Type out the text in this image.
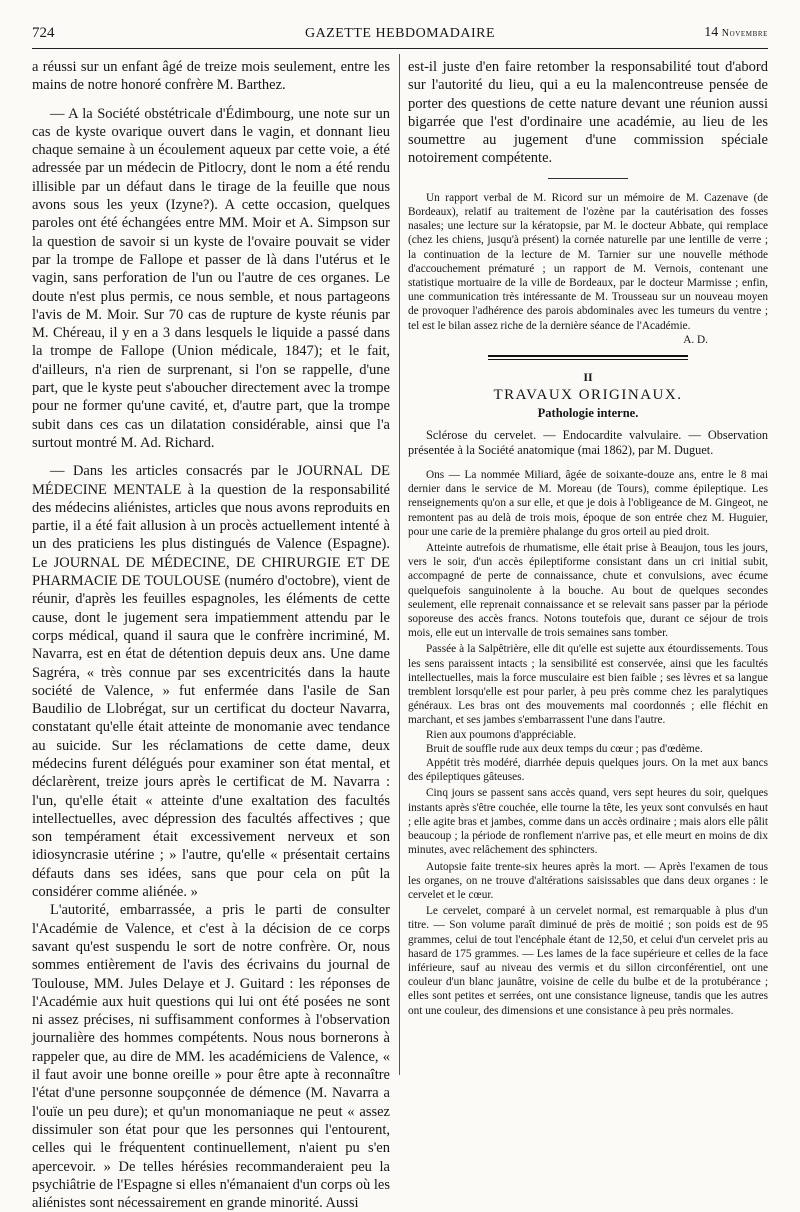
724	GAZETTE HEBDOMADAIRE	14 Novembre

a réussi sur un enfant âgé de treize mois seulement, entre les mains de notre honoré confrère M. Barthez.

— A la Société obstétricale d'Édimbourg, une note sur un cas de kyste ovarique ouvert dans le vagin, et donnant lieu chaque semaine à un écoulement aqueux par cette voie, a été adressée par un médecin de Pitlocry, dont le nom a été rendu illisible par un défaut dans le tirage de la feuille que nous avons sous les yeux (Izyne?). A cette occasion, quelques paroles ont été échangées entre MM. Moir et A. Simpson sur la question de savoir si un kyste de l'ovaire pouvait se vider par la trompe de Fallope et passer de là dans l'utérus et le vagin, sans perforation de l'un ou l'autre de ces organes. Le doute n'est plus permis, ce nous semble, et nous partageons l'avis de M. Moir. Sur 70 cas de rupture de kyste réunis par M. Chéreau, il y en a 3 dans lesquels le liquide a passé dans la trompe de Fallope (Union médicale, 1847); et le fait, d'ailleurs, n'a rien de surprenant, si l'on se rappelle, d'une part, que le kyste peut s'aboucher directement avec la trompe pour ne former qu'une cavité, et, d'autre part, que la trompe subit dans ces cas un dilatation considérable, ainsi que l'a surtout montré M. Ad. Richard.

— Dans les articles consacrés par le JOURNAL DE MÉDECINE MENTALE à la question de la responsabilité des médecins aliénistes, articles que nous avons reproduits en partie, il a été fait allusion à un procès actuellement intenté à un des praticiens les plus distingués de Valence (Espagne). Le JOURNAL DE MÉDECINE, DE CHIRURGIE ET DE PHARMACIE DE TOULOUSE (numéro d'octobre), vient de réunir, d'après les feuilles espagnoles, les éléments de cette cause, dont le jugement sera impatiemment attendu par le corps médical, quand il saura que le confrère incriminé, M. Navarra, est en état de détention depuis deux ans. Une dame Sagréra, « très connue par ses excentricités dans la haute société de Valence, » fut enfermée dans l'asile de San Baudilio de Llobrégat, sur un certificat du docteur Navarra, constatant qu'elle était atteinte de monomanie avec tendance au suicide. Sur les réclamations de cette dame, deux médecins furent délégués pour examiner son état mental, et déclarèrent, treize jours après le certificat de M. Navarra : l'un, qu'elle était « atteinte d'une exaltation des facultés intellectuelles, avec dépression des facultés affectives ; que son tempérament était excessivement nerveux et son idiosyncrasie utérine ; » l'autre, qu'elle « présentait certains défauts dans ses idées, sans que pour cela on pût la considérer comme aliénée. »

L'autorité, embarrassée, a pris le parti de consulter l'Académie de Valence, et c'est à la décision de ce corps savant qu'est suspendu le sort de notre confrère. Or, nous sommes entièrement de l'avis des écrivains du journal de Toulouse, MM. Jules Delaye et J. Guitard : les réponses de l'Académie aux huit questions qui lui ont été posées ne sont ni assez précises, ni suffisamment conformes à l'observation journalière des hommes compétents. Nous nous bornerons à rappeler que, au dire de MM. les académiciens de Valence, « il faut avoir une bonne oreille » pour être apte à reconnaître l'état d'une personne soupçonnée de démence (M. Navarra a l'ouïe un peu dure); et qu'un monomaniaque ne peut « assez dissimuler son état pour que les personnes qui l'entourent, celles qui le fréquentent continuellement, n'aient pu s'en apercevoir. » De telles hérésies recommanderaient peu la psychiâtrie de l'Espagne si elles n'émanaient d'un corps où les aliénistes sont nécessairement en grande minorité. Aussi

est-il juste d'en faire retomber la responsabilité tout d'abord sur l'autorité du lieu, qui a eu la malencontreuse pensée de porter des questions de cette nature devant une réunion aussi bigarrée que l'est d'ordinaire une académie, au lieu de les soumettre au jugement d'une commission spéciale notoirement compétente.

Un rapport verbal de M. Ricord sur un mémoire de M. Cazenave (de Bordeaux), relatif au traitement de l'ozène par la cautérisation des fosses nasales; une lecture sur la kératopsie, par M. le docteur Abbate, qui remplace (chez les chiens, jusqu'à présent) la cornée naturelle par une lentille de verre ; la continuation de la lecture de M. Tarnier sur une nouvelle méthode d'accouchement prématuré ; un rapport de M. Vernois, contenant une statistique mortuaire de la ville de Bordeaux, par le docteur Marmisse ; enfin, une communication très intéressante de M. Trousseau sur un nouveau moyen de provoquer l'adhérence des parois abdominales avec les tumeurs du ventre ; tel est le bilan assez riche de la dernière séance de l'Académie.

A. D.

II
TRAVAUX ORIGINAUX.
Pathologie interne.

Sclérose du cervelet. — Endocardite valvulaire. — Observation présentée à la Société anatomique (mai 1862), par M. Duguet.

Ons — La nommée Miliard, âgée de soixante-douze ans, entre le 8 mai dernier dans le service de M. Moreau (de Tours), comme épileptique. Les renseignements qu'on a sur elle, et que je dois à l'obligeance de M. Gingeot, ne remontent pas au delà de trois mois, époque de son entrée chez M. Huguier, pour une carie de la première phalange du gros orteil au pied droit.

Atteinte autrefois de rhumatisme, elle était prise à Beaujon, tous les jours, vers le soir, d'un accès épileptiforme consistant dans un cri initial subit, accompagné de perte de connaissance, chute et convulsions, avec écume quelquefois sanguinolente à la bouche. Au bout de quelques secondes seulement, elle reprenait connaissance et se relevait sans passer par la période soporeuse des accès francs. Notons toutefois que, durant ce séjour de trois mois, elle eut un intervalle de trois semaines sans tomber.

Passée à la Salpêtrière, elle dit qu'elle est sujette aux étourdissements. Tous les sens paraissent intacts ; la sensibilité est conservée, ainsi que les facultés intellectuelles, mais la force musculaire est bien faible ; ses lèvres et sa langue tremblent lorsqu'elle est pour parler, à peu près comme chez les paralytiques généraux. Les bras ont des mouvements mal coordonnés ; elle fléchit en marchant, et ses jambes s'embarrassent l'une dans l'autre.

Rien aux poumons d'appréciable.

Bruit de souffle rude aux deux temps du cœur ; pas d'œdème.

Appétit très modéré, diarrhée depuis quelques jours. On la met aux bancs des épileptiques gâteuses.

Cinq jours se passent sans accès quand, vers sept heures du soir, quelques instants après s'être couchée, elle tourne la tête, les yeux sont convulsés en haut ; elle agite bras et jambes, comme dans un accès ordinaire ; mais alors elle pâlit beaucoup ; la période de ronflement n'arrive pas, et elle meurt en moins de dix minutes, avec relâchement des sphincters.

Autopsie faite trente-six heures après la mort. — Après l'examen de tous les organes, on ne trouve d'altérations saisissables que dans deux organes : le cervelet et le cœur.

Le cervelet, comparé à un cervelet normal, est remarquable à plus d'un titre. — Son volume paraît diminué de près de moitié ; son poids est de 95 grammes, celui de tout l'encéphale étant de 12,50, et celui d'un cervelet pris au hasard de 175 grammes. — Les lames de la face supérieure et celles de la face inférieure, sauf au niveau des vermis et du sillon circonférentiel, ont une couleur d'un blanc jaunâtre, voisine de celle du bulbe et de la protubérance ; elles sont petites et serrées, ont une consistance ligneuse, tandis que les autres ont une couleur, des dimensions et une consistance à peu près normales.
